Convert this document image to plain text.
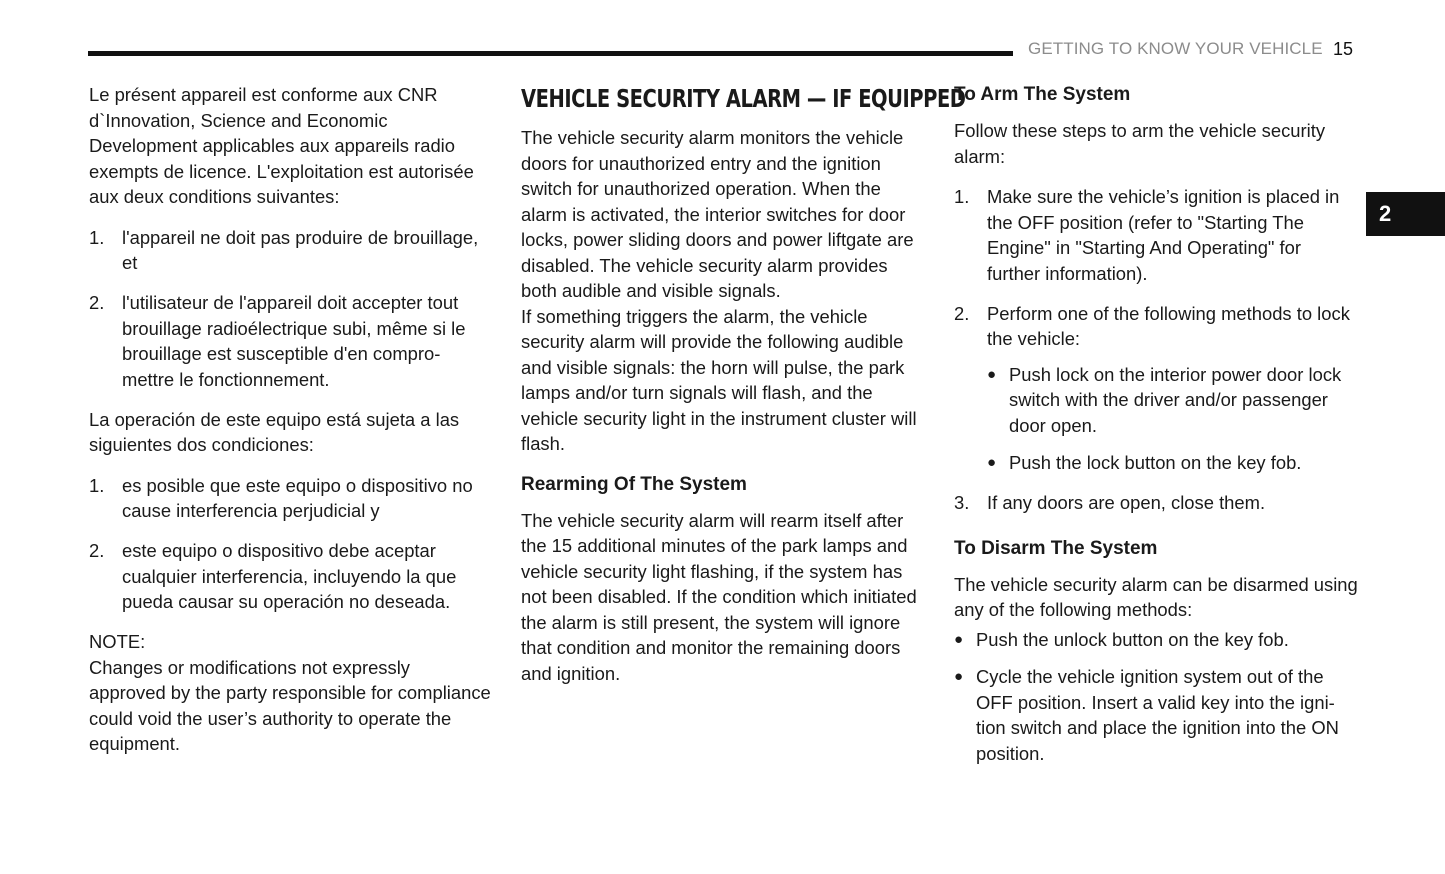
GETTING TO KNOW YOUR VEHICLE 15
2

Le présent appareil est conforme aux CNR d`Innovation, Science and Economic Development applicables aux appareils radio exempts de licence. L'exploitation est autorisée aux deux conditions suivantes:

1. l'appareil ne doit pas produire de brouillage, et
2. l'utilisateur de l'appareil doit accepter tout brouillage radioélectrique subi, même si le brouillage est susceptible d'en compro-mettre le fonctionnement.

La operación de este equipo está sujeta a las siguientes dos condiciones:

1. es posible que este equipo o dispositivo no cause interferencia perjudicial y
2. este equipo o dispositivo debe aceptar cualquier interferencia, incluyendo la que pueda causar su operación no deseada.

NOTE:

Changes or modifications not expressly approved by the party responsible for compliance could void the user’s authority to operate the equipment.

VEHICLE SECURITY ALARM — IF EQUIPPED

The vehicle security alarm monitors the vehicle doors for unauthorized entry and the ignition switch for unauthorized operation. When the alarm is activated, the interior switches for door locks, power sliding doors and power liftgate are disabled. The vehicle security alarm provides both audible and visible signals.

If something triggers the alarm, the vehicle security alarm will provide the following audible and visible signals: the horn will pulse, the park lamps and/or turn signals will flash, and the vehicle security light in the instrument cluster will flash.

Rearming Of The System

The vehicle security alarm will rearm itself after the 15 additional minutes of the park lamps and vehicle security light flashing, if the system has not been disabled. If the condition which initiated the alarm is still present, the system will ignore that condition and monitor the remaining doors and ignition.

To Arm The System

Follow these steps to arm the vehicle security alarm:

1. Make sure the vehicle’s ignition is placed in the OFF position (refer to "Starting The Engine" in "Starting And Operating" for further information).
2. Perform one of the following methods to lock the vehicle:
● Push lock on the interior power door lock switch with the driver and/or passenger door open.
● Push the lock button on the key fob.
3. If any doors are open, close them.
To Disarm The System

The vehicle security alarm can be disarmed using any of the following methods:

● Push the unlock button on the key fob.
● Cycle the vehicle ignition system out of the OFF position. Insert a valid key into the igni-tion switch and place the ignition into the ON position.
